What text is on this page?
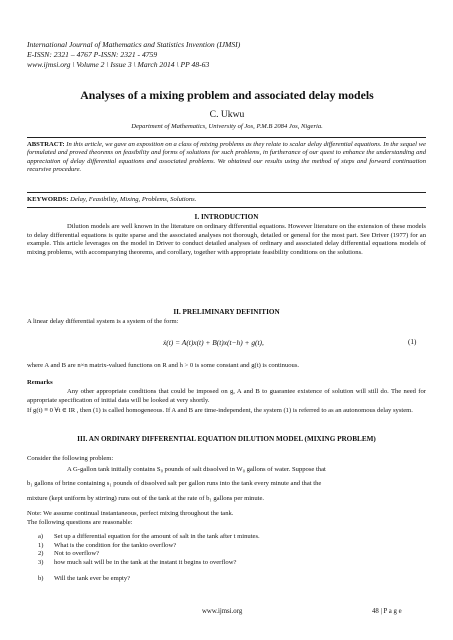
International Journal of Mathematics and Statistics Invention (IJMSI)
E-ISSN: 2321 – 4767 P-ISSN: 2321 - 4759
www.ijmsi.org \ Volume 2 \ Issue 3 \ March 2014 \ PP 48-63
Analyses of a mixing problem and associated delay models
C. Ukwu
Department of Mathematics, University of Jos, P.M.B 2084 Jos, Nigeria.
ABSTRACT: In this article, we gave an exposition on a class of mixing problems as they relate to scalar delay differential equations. In the sequel we formulated and proved theorems on feasibility and forms of solutions for such problems, in furtherance of our quest to enhance the understanding and appreciation of delay differential equations and associated problems. We obtained our results using the method of steps and forward continuation recursive procedure.
KEYWORDS: Delay, Feasibility, Mixing, Problems, Solutions.
I. INTRODUCTION
Dilution models are well known in the literature on ordinary differential equations. However literature on the extension of these models to delay differential equations is quite sparse and the associated analyses not thorough, detailed or general for the most part. See Driver (1977) for an example. This article leverages on the model in Driver to conduct detailed analyses of ordinary and associated delay differential equations models of mixing problems, with accompanying theorems, and corollary, together with appropriate feasibility conditions on the solutions.
II. PRELIMINARY DEFINITION
A linear delay differential system is a system of the form:
ẋ(t) = A(t)x(t) + B(t)x(t−h) + g(t),	(1)
where A and B are n×n matrix-valued functions on R and h > 0 is some constant and g(t) is continuous.
Remarks
Any other appropriate conditions that could be imposed on g, A and B to guarantee existence of solution will still do. The need for appropriate specification of initial data will be looked at very shortly.
If g(t) ≡ 0 ∀t ∈ IR , then (1) is called homogeneous. If A and B are time-independent, the system (1) is referred to as an autonomous delay system.
III. AN ORDINARY DIFFERENTIAL EQUATION DILUTION MODEL (MIXING PROBLEM)
Consider the following problem:
A G-gallon tank initially contains S₀ pounds of salt dissolved in W₀ gallons of water. Suppose that
b₁ gallons of brine containing s₁ pounds of dissolved salt per gallon runs into the tank every minute and that the
mixture (kept uniform by stirring) runs out of the tank at the rate of b₁ gallons per minute.
Note: We assume continual instantaneous, perfect mixing throughout the tank.
The following questions are reasonable:
a) Set up a differential equation for the amount of salt in the tank after t minutes.
1) What is the condition for the tankto overflow?
2) Not to overflow?
3) how much salt will be in the tank at the instant it begins to overflow?
b) Will the tank ever be empty?
www.ijmsi.org	48 | P a g e
